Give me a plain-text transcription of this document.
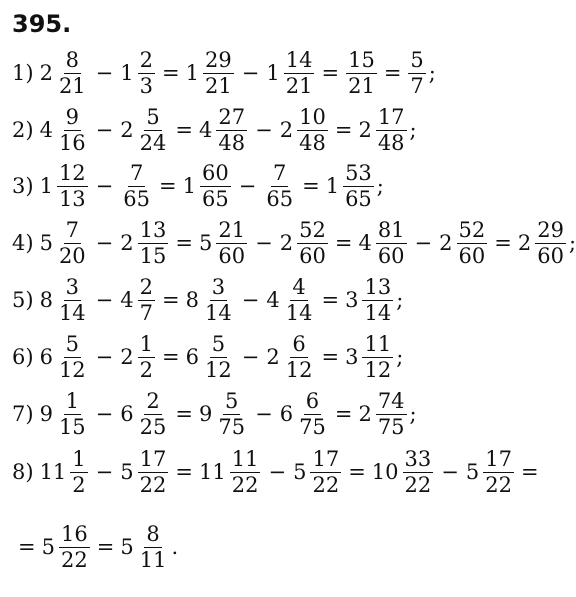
395.
1) $2 \frac{8}{21} - 1 \frac{2}{3} = 1 \frac{29}{21} - 1 \frac{14}{21} = \frac{15}{21} = \frac{5}{7}$ ;
2) $4 \frac{9}{16} - 2 \frac{5}{24} = 4 \frac{27}{48} - 2 \frac{10}{48} = 2 \frac{17}{48}$ ;
3) $1 \frac{12}{13} - \frac{7}{65} = 1 \frac{60}{65} - \frac{7}{65} = 1 \frac{53}{65}$ ;
4) $5 \frac{7}{20} - 2 \frac{13}{15} = 5 \frac{21}{60} - 2 \frac{52}{60} = 4 \frac{81}{60} - 2 \frac{52}{60} = 2 \frac{29}{60}$ ;
5) $8 \frac{3}{14} - 4 \frac{2}{7} = 8 \frac{3}{14} - 4 \frac{4}{14} = 3 \frac{13}{14}$ ;
6) $6 \frac{5}{12} - 2 \frac{1}{2} = 6 \frac{5}{12} - 2 \frac{6}{12} = 3 \frac{11}{12}$ ;
7) $9 \frac{1}{15} - 6 \frac{2}{25} = 9 \frac{5}{75} - 6 \frac{6}{75} = 2 \frac{74}{75}$ ;
8) $11 \frac{1}{2} - 5 \frac{17}{22} = 11 \frac{11}{22} - 5 \frac{17}{22} = 10 \frac{33}{22} - 5 \frac{17}{22}$ =
= $5 \frac{16}{22} = 5 \frac{8}{11}$ .
